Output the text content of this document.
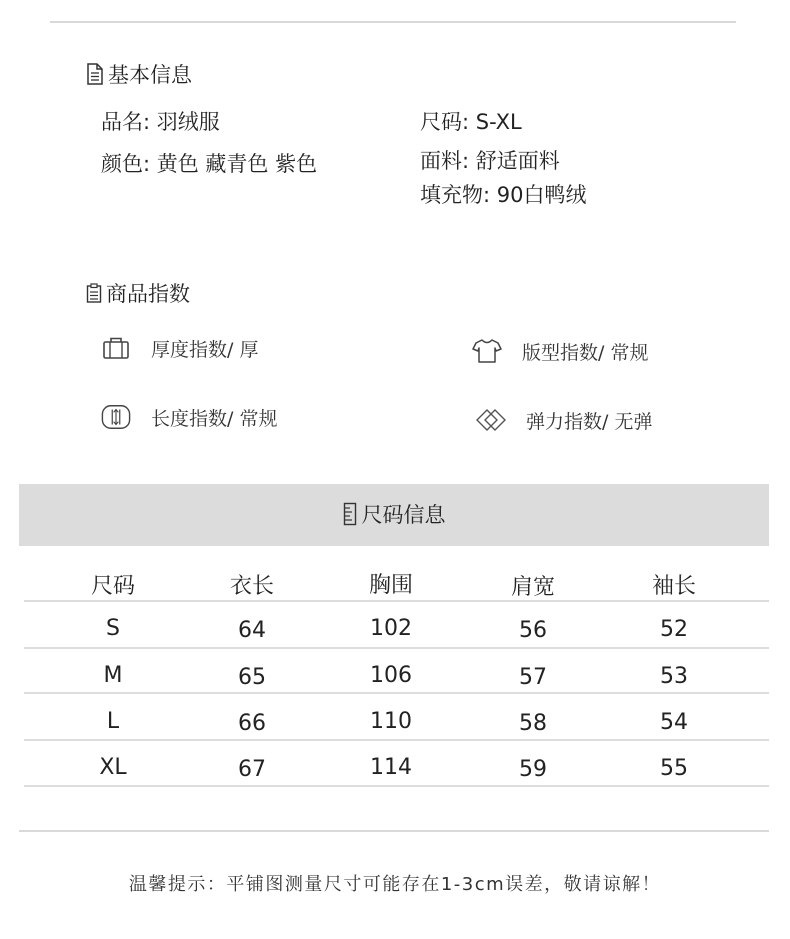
基本信息
品名: 羽绒服	尺码: S-XL
颜色: 黄色 藏青色 紫色	面料: 舒适面料
填充物: 90白鸭绒
商品指数
厚度指数/ 厚	版型指数/ 常规
长度指数/ 常规	弹力指数/ 无弹
尺码信息
尺码	衣长	胸围	肩宽	袖长
S	64	102	56	52
M	65	106	57	53
L	66	110	58	54
XL	67	114	59	55
温馨提示：平铺图测量尺寸可能存在1-3cm误差，敬请谅解！
